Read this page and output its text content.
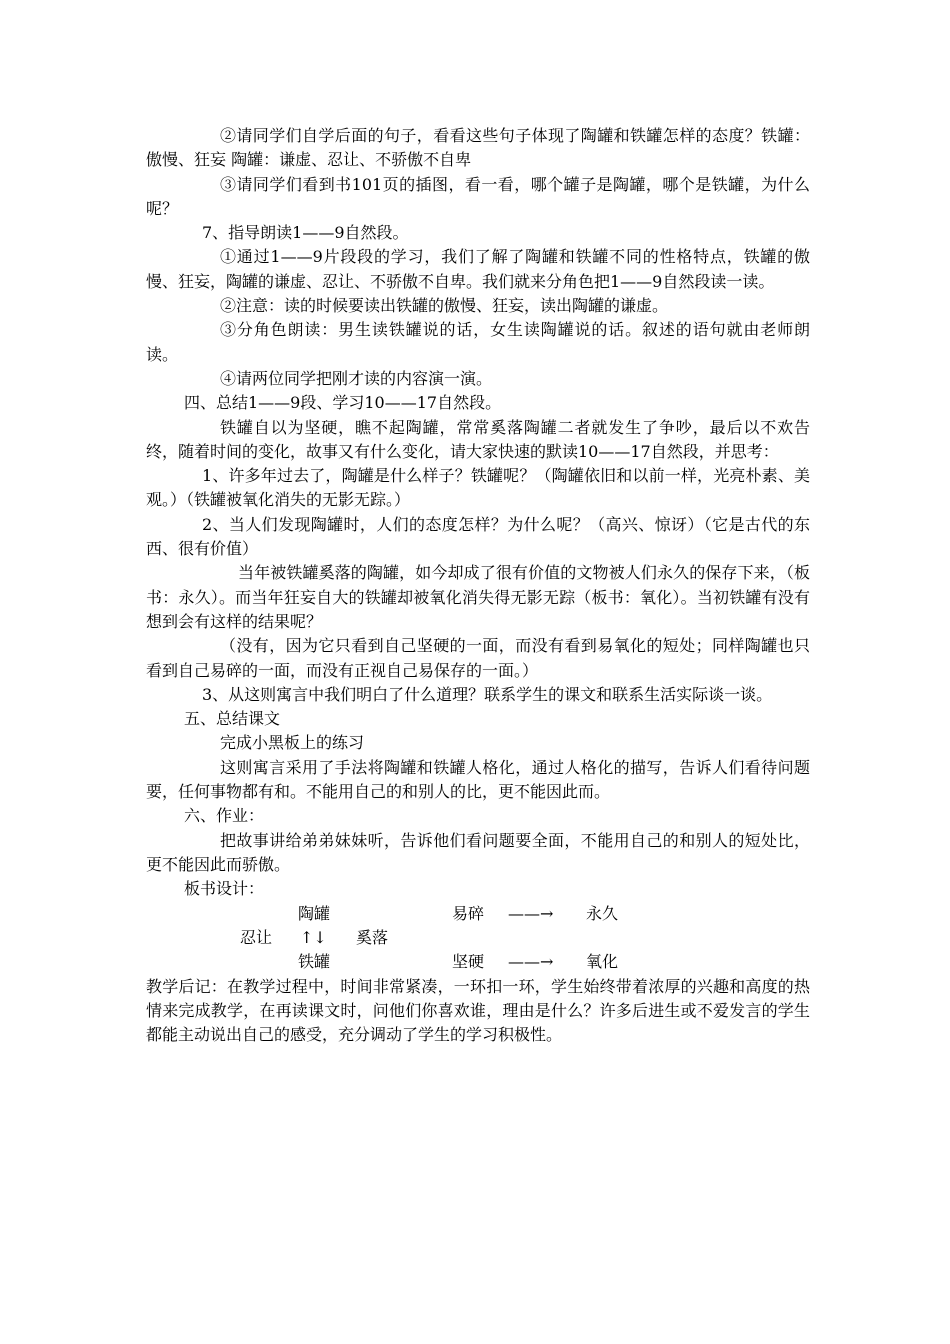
②请同学们自学后面的句子，看看这些句子体现了陶罐和铁罐怎样的态度？铁罐：傲慢、狂妄 陶罐：谦虚、忍让、不骄傲不自卑

③请同学们看到书101页的插图，看一看，哪个罐子是陶罐，哪个是铁罐，为什么呢？

7、指导朗读1——9自然段。

①通过1——9片段段的学习，我们了解了陶罐和铁罐不同的性格特点，铁罐的傲慢、狂妄，陶罐的谦虚、忍让、不骄傲不自卑。我们就来分角色把1——9自然段读一读。

②注意：读的时候要读出铁罐的傲慢、狂妄，读出陶罐的谦虚。

③分角色朗读：男生读铁罐说的话，女生读陶罐说的话。叙述的语句就由老师朗读。

④请两位同学把刚才读的内容演一演。

四、总结1——9段、学习10——17自然段。

铁罐自以为坚硬，瞧不起陶罐，常常奚落陶罐二者就发生了争吵，最后以不欢告终，随着时间的变化，故事又有什么变化，请大家快速的默读10——17自然段，并思考：

1、许多年过去了，陶罐是什么样子？铁罐呢？（陶罐依旧和以前一样，光亮朴素、美观。）（铁罐被氧化消失的无影无踪。）

2、当人们发现陶罐时，人们的态度怎样？为什么呢？（高兴、惊讶）（它是古代的东西、很有价值）

当年被铁罐奚落的陶罐，如今却成了很有价值的文物被人们永久的保存下来，（板书：永久）。而当年狂妄自大的铁罐却被氧化消失得无影无踪（板书：氧化）。当初铁罐有没有想到会有这样的结果呢？

（没有，因为它只看到自己坚硬的一面，而没有看到易氧化的短处；同样陶罐也只看到自己易碎的一面，而没有正视自己易保存的一面。）

3、从这则寓言中我们明白了什么道理？联系学生的课文和联系生活实际谈一谈。

五、总结课文

完成小黑板上的练习

这则寓言采用了手法将陶罐和铁罐人格化，通过人格化的描写，告诉人们看待问题要，任何事物都有和。不能用自己的和别人的比，更不能因此而。

六、作业：

把故事讲给弟弟妹妹听，告诉他们看问题要全面，不能用自己的和别人的短处比，更不能因此而骄傲。

板书设计：

陶罐	易碎 ——→ 永久
忍让 ↑↓ 奚落
铁罐	坚硬 ——→ 氧化

教学后记：在教学过程中，时间非常紧凑，一环扣一环，学生始终带着浓厚的兴趣和高度的热情来完成教学，在再读课文时，问他们你喜欢谁，理由是什么？许多后进生或不爱发言的学生都能主动说出自己的感受，充分调动了学生的学习积极性。
